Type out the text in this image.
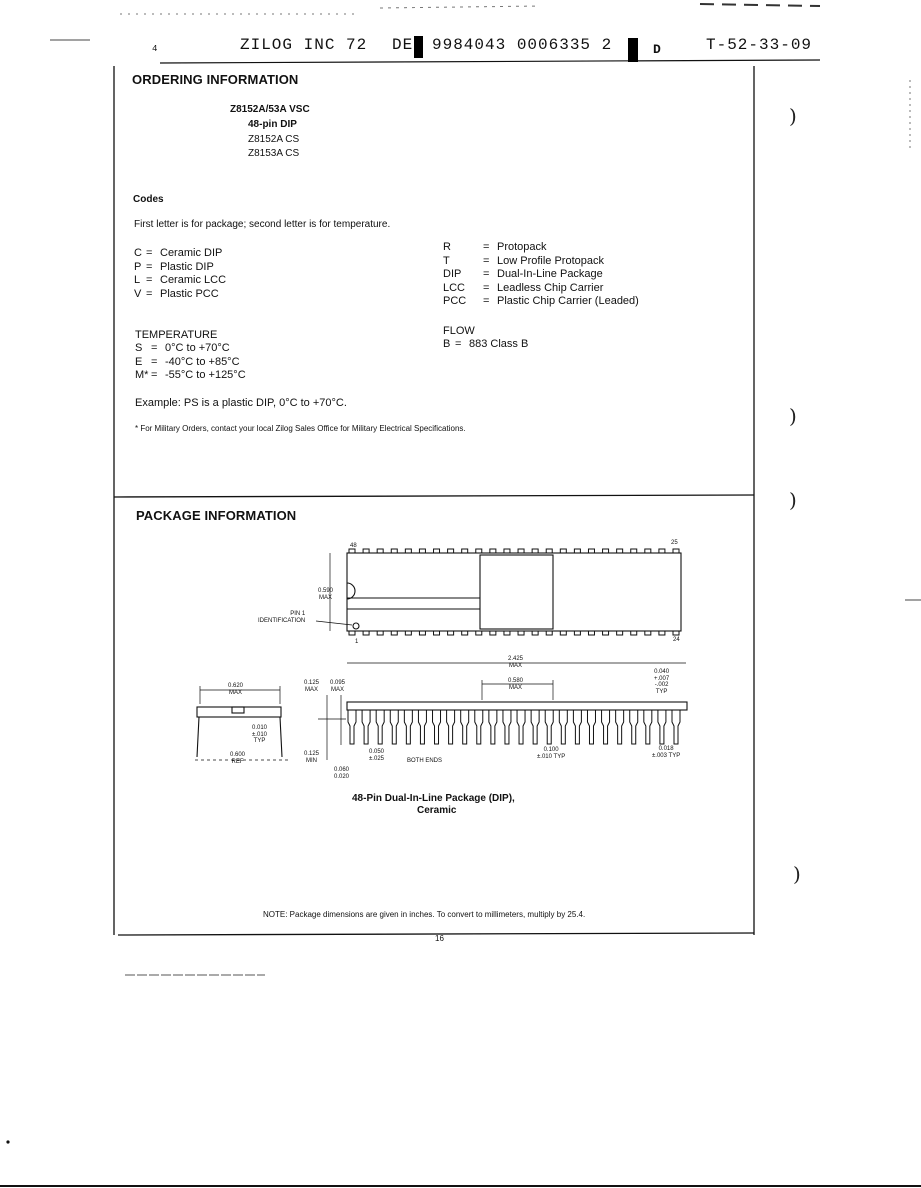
4	ZILOG INC 72 DE 9984043 0006335 2	D	T-52-33-09
ORDERING INFORMATION
Z8152A/53A VSC
48-pin DIP
Z8152A CS
Z8153A CS
Codes
First letter is for package; second letter is for temperature.
C = Ceramic DIP
P = Plastic DIP
L = Ceramic LCC
V = Plastic PCC
R	= Protopack
T	= Low Profile Protopack
DIP	= Dual-In-Line Package
LCC	= Leadless Chip Carrier
PCC	= Plastic Chip Carrier (Leaded)
TEMPERATURE
S = 0°C to +70°C
E = -40°C to +85°C
M* = -55°C to +125°C
FLOW
B = 883 Class B
Example: PS is a plastic DIP, 0°C to +70°C.
* For Military Orders, contact your local Zilog Sales Office for Military Electrical Specifications.
)
)
)
)
PACKAGE INFORMATION
48	25
1	24
PIN 1
IDENTIFICATION
0.590
MAX
0.620
MAX
0.010
±.010
TYP
0.600
REF
0.125
MAX
0.095
MAX
0.125
MIN
0.060
0.020
0.050
±.025	BOTH ENDS
2.425
MAX
0.580
MAX
0.100
±.010 TYP
0.040
+.007
-.002
TYP
0.018
±.003 TYP
48-Pin Dual-In-Line Package (DIP),
Ceramic
NOTE: Package dimensions are given in inches. To convert to millimeters, multiply by 25.4.
16
